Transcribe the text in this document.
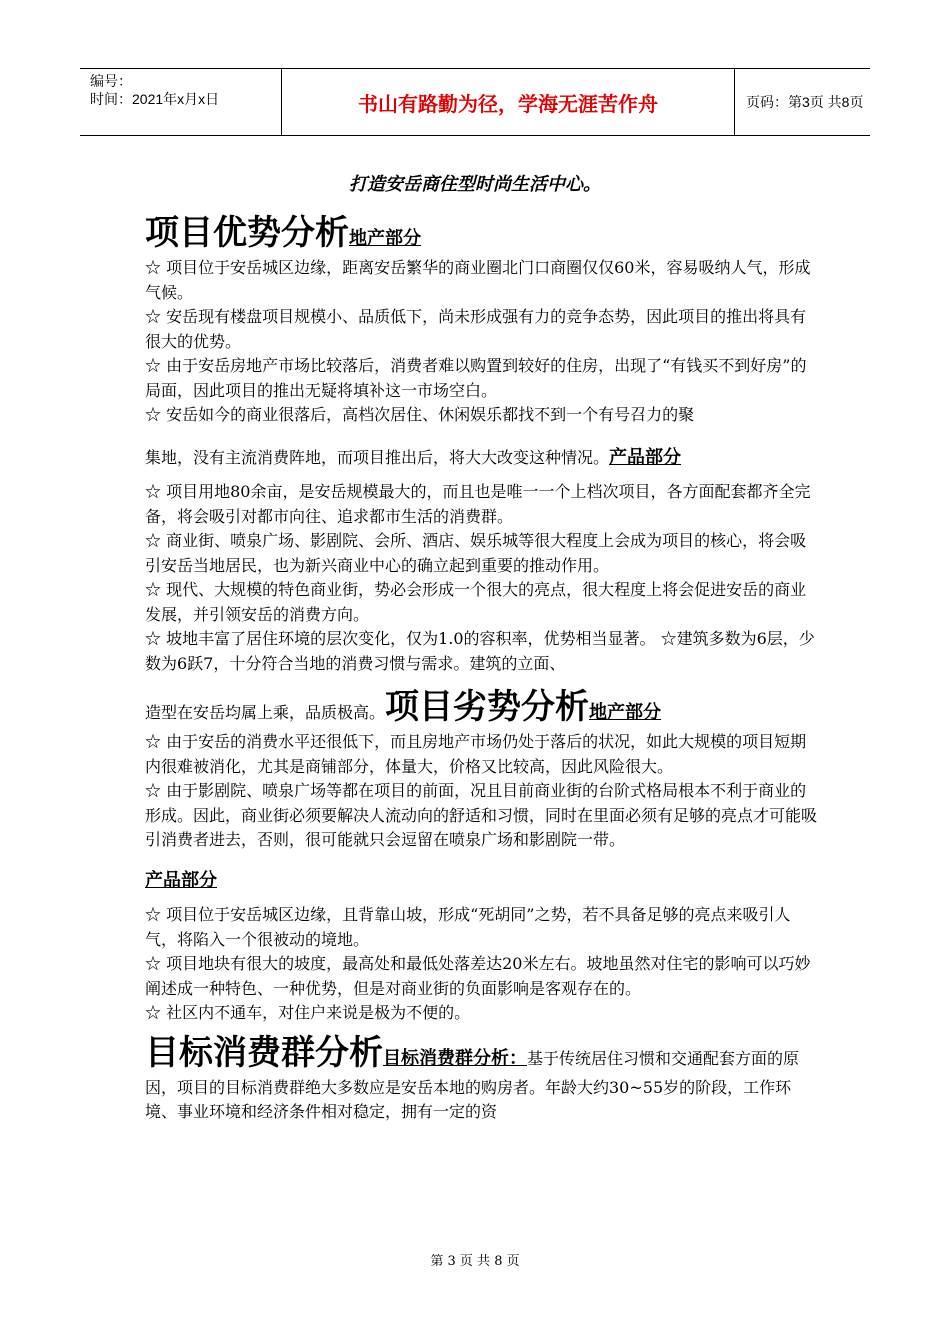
编号：
时间：2021年x月x日	书山有路勤为径，学海无涯苦作舟	页码：第3页 共8页
打造安岳商住型时尚生活中心。

项目优势分析地产部分

☆ 项目位于安岳城区边缘，距离安岳繁华的商业圈北门口商圈仅仅60米，容易吸纳人气，形成气候。

☆ 安岳现有楼盘项目规模小、品质低下，尚未形成强有力的竞争态势，因此项目的推出将具有很大的优势。

☆ 由于安岳房地产市场比较落后，消费者难以购置到较好的住房，出现了“有钱买不到好房”的局面，因此项目的推出无疑将填补这一市场空白。

☆ 安岳如今的商业很落后，高档次居住、休闲娱乐都找不到一个有号召力的聚

集地，没有主流消费阵地，而项目推出后，将大大改变这种情况。产品部分

☆ 项目用地80余亩，是安岳规模最大的，而且也是唯一一个上档次项目，各方面配套都齐全完备，将会吸引对都市向往、追求都市生活的消费群。

☆ 商业街、喷泉广场、影剧院、会所、酒店、娱乐城等很大程度上会成为项目的核心，将会吸引安岳当地居民，也为新兴商业中心的确立起到重要的推动作用。

☆ 现代、大规模的特色商业街，势必会形成一个很大的亮点，很大程度上将会促进安岳的商业发展，并引领安岳的消费方向。

☆ 坡地丰富了居住环境的层次变化，仅为1.0的容积率，优势相当显著。 ☆建筑多数为6层，少数为6跃7，十分符合当地的消费习惯与需求。建筑的立面、

造型在安岳均属上乘，品质极高。项目劣势分析地产部分

☆ 由于安岳的消费水平还很低下，而且房地产市场仍处于落后的状况，如此大规模的项目短期内很难被消化，尤其是商铺部分，体量大，价格又比较高，因此风险很大。

☆ 由于影剧院、喷泉广场等都在项目的前面，况且目前商业街的台阶式格局根本不利于商业的形成。因此，商业街必须要解决人流动向的舒适和习惯，同时在里面必须有足够的亮点才可能吸引消费者进去，否则，很可能就只会逗留在喷泉广场和影剧院一带。

产品部分

☆ 项目位于安岳城区边缘，且背靠山坡，形成“死胡同”之势，若不具备足够的亮点来吸引人气，将陷入一个很被动的境地。

☆ 项目地块有很大的坡度，最高处和最低处落差达20米左右。坡地虽然对住宅的影响可以巧妙阐述成一种特色、一种优势，但是对商业街的负面影响是客观存在的。

☆ 社区内不通车，对住户来说是极为不便的。

目标消费群分析目标消费群分析：基于传统居住习惯和交通配套方面的原因，项目的目标消费群绝大多数应是安岳本地的购房者。年龄大约30~55岁的阶段，工作环境、事业环境和经济条件相对稳定，拥有一定的资

第 3 页 共 8 页
